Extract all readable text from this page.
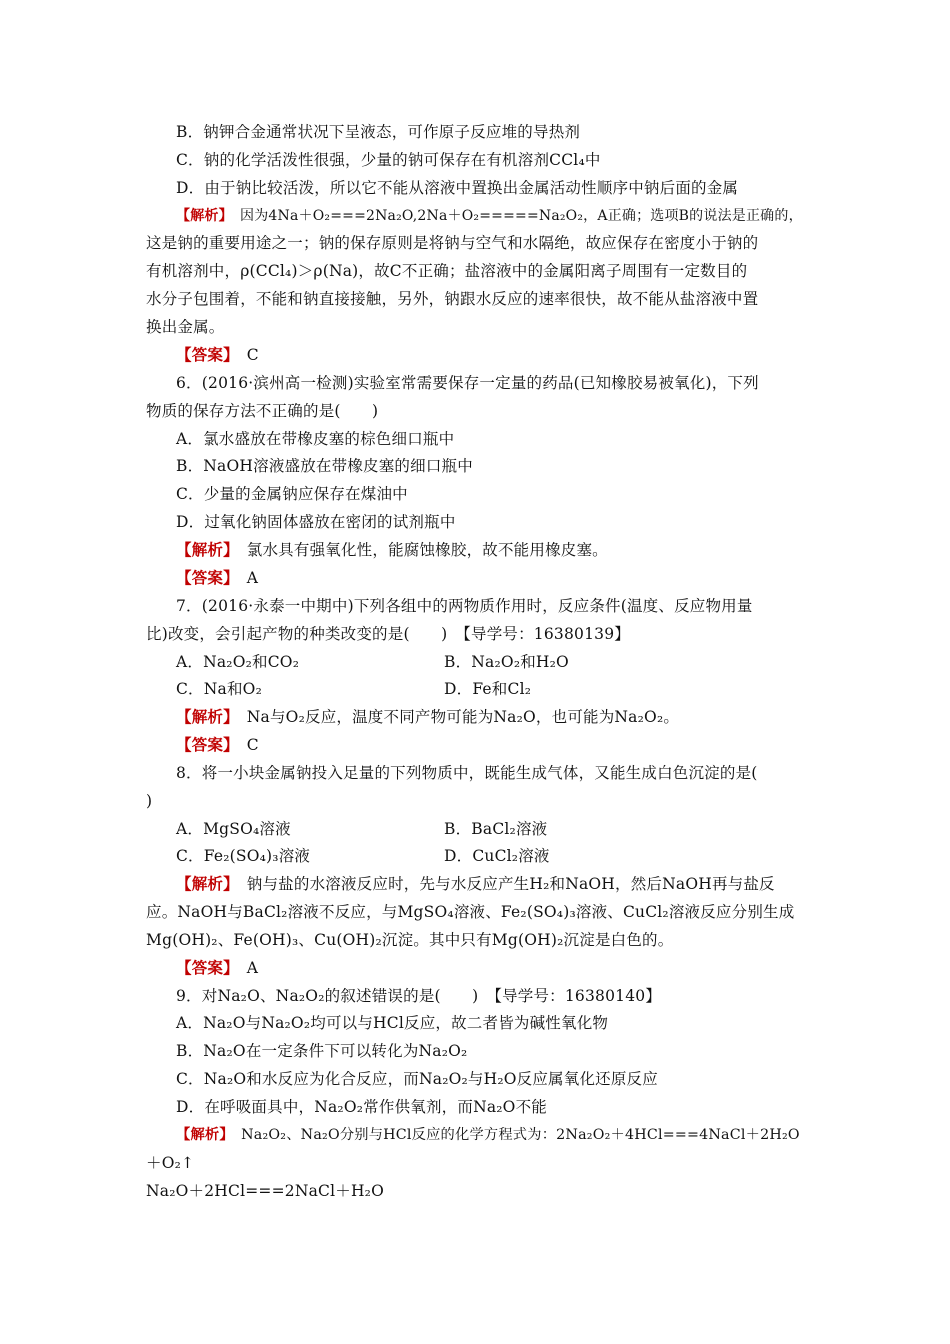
B．钠钾合金通常状况下呈液态，可作原子反应堆的导热剂
C．钠的化学活泼性很强，少量的钠可保存在有机溶剂CCl₄中
D．由于钠比较活泼，所以它不能从溶液中置换出金属活动性顺序中钠后面的金属
【解析】　 因为4Na＋O₂===2Na₂O,2Na＋O₂=====Na₂O₂，A正确；选项B的说法是正确的，
这是钠的重要用途之一；钠的保存原则是将钠与空气和水隔绝，故应保存在密度小于钠的
有机溶剂中，ρ(CCl₄)＞ρ(Na)，故C不正确；盐溶液中的金属阳离子周围有一定数目的
水分子包围着，不能和钠直接接触，另外，钠跟水反应的速率很快，故不能从盐溶液中置
换出金属。
【答案】　 C
6．(2016·滨州高一检测)实验室常需要保存一定量的药品(已知橡胶易被氧化)，下列
物质的保存方法不正确的是(　　)
A．氯水盛放在带橡皮塞的棕色细口瓶中
B．NaOH溶液盛放在带橡皮塞的细口瓶中
C．少量的金属钠应保存在煤油中
D．过氧化钠固体盛放在密闭的试剂瓶中
【解析】　 氯水具有强氧化性，能腐蚀橡胶，故不能用橡皮塞。
【答案】　 A
7．(2016·永泰一中期中)下列各组中的两物质作用时，反应条件(温度、反应物用量
比)改变，会引起产物的种类改变的是(　　)　【导学号：16380139】
A．Na₂O₂和CO₂	B．Na₂O₂和H₂O
C．Na和O₂	D．Fe和Cl₂
【解析】　 Na与O₂反应，温度不同产物可能为Na₂O，也可能为Na₂O₂。
【答案】　 C
8．将一小块金属钠投入足量的下列物质中，既能生成气体，又能生成白色沉淀的是(
)
A．MgSO₄溶液	B．BaCl₂溶液
C．Fe₂(SO₄)₃溶液	D．CuCl₂溶液
【解析】　 钠与盐的水溶液反应时，先与水反应产生H₂和NaOH，然后NaOH再与盐反
应。NaOH与BaCl₂溶液不反应，与MgSO₄溶液、Fe₂(SO₄)₃溶液、CuCl₂溶液反应分别生成
Mg(OH)₂、Fe(OH)₃、Cu(OH)₂沉淀。其中只有Mg(OH)₂沉淀是白色的。
【答案】　 A
9．对Na₂O、Na₂O₂的叙述错误的是(　　)　【导学号：16380140】
A．Na₂O与Na₂O₂均可以与HCl反应，故二者皆为碱性氧化物
B．Na₂O在一定条件下可以转化为Na₂O₂
C．Na₂O和水反应为化合反应，而Na₂O₂与H₂O反应属氧化还原反应
D．在呼吸面具中，Na₂O₂常作供氧剂，而Na₂O不能
【解析】　 Na₂O₂、Na₂O分别与HCl反应的化学方程式为：2Na₂O₂＋4HCl===4NaCl＋2H₂O
＋O₂↑
Na₂O＋2HCl===2NaCl＋H₂O
